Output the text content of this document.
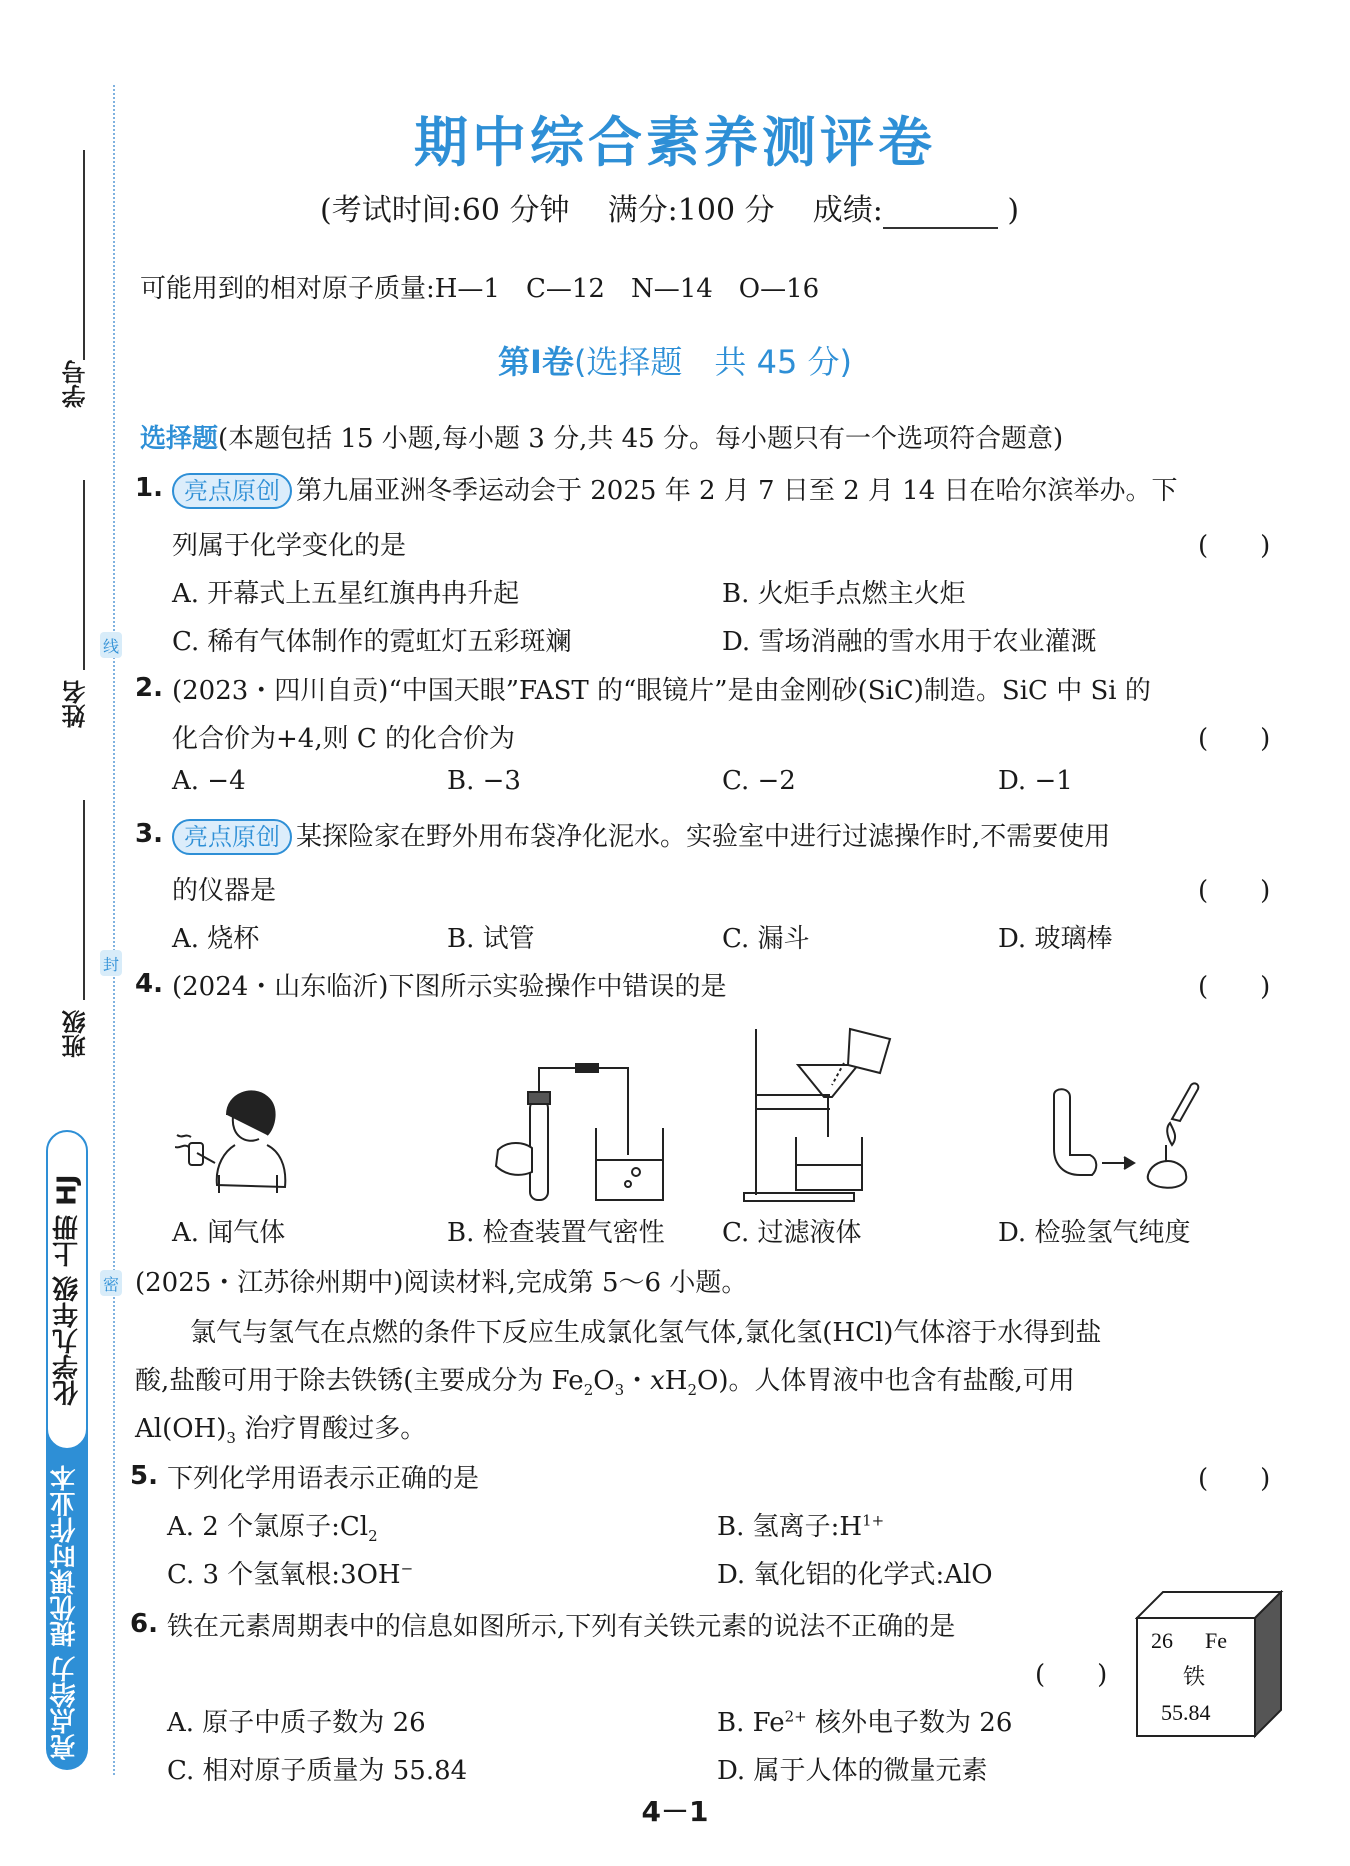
学号
姓名
班级
线
封
密
亮点给力 提优课时作业本
化学九年级 上册 HJ
期中综合素养测评卷
(考试时间:60 分钟 满分:100 分 成绩:	)
可能用到的相对原子质量:H—1　C—12　N—14　O—16
第Ⅰ卷(选择题　共 45 分)
选择题(本题包括 15 小题,每小题 3 分,共 45 分。每小题只有一个选项符合题意)
1. 亮点原创 第九届亚洲冬季运动会于 2025 年 2 月 7 日至 2 月 14 日在哈尔滨举办。下
列属于化学变化的是	(　　)
A. 开幕式上五星红旗冉冉升起	B. 火炬手点燃主火炬
C. 稀有气体制作的霓虹灯五彩斑斓	D. 雪场消融的雪水用于农业灌溉
2. (2023・四川自贡)“中国天眼”FAST 的“眼镜片”是由金刚砂(SiC)制造。SiC 中 Si 的
化合价为+4,则 C 的化合价为	(　　)
A. −4	B. −3	C. −2	D. −1
3. 亮点原创 某探险家在野外用布袋净化泥水。实验室中进行过滤操作时,不需要使用
的仪器是	(　　)
A. 烧杯	B. 试管	C. 漏斗	D. 玻璃棒
4. (2024・山东临沂)下图所示实验操作中错误的是	(　　)
A. 闻气体	B. 检查装置气密性 C. 过滤液体	D. 检验氢气纯度
(2025・江苏徐州期中)阅读材料,完成第 5～6 小题。
氯气与氢气在点燃的条件下反应生成氯化氢气体,氯化氢(HCl)气体溶于水得到盐
酸,盐酸可用于除去铁锈(主要成分为 $Fe_2O_3$・$xH_2O$)。人体胃液中也含有盐酸,可用
$Al(OH)_3$ 治疗胃酸过多。
5. 下列化学用语表示正确的是	(　　)
A. 2 个氯原子$:Cl_2$	B. 氢离子$:H^{1+}$
C. 3 个氢氧根:3OH−	D. 氧化铝的化学式:AlO
6. 铁在元素周期表中的信息如图所示,下列有关铁元素的说法不正确的是
(　　)
26 Fe
铁
55.84
A. 原子中质子数为 26	B. $Fe^{2+}$ 核外电子数为 26
C. 相对原子质量为 55.84	D. 属于人体的微量元素
4－1
